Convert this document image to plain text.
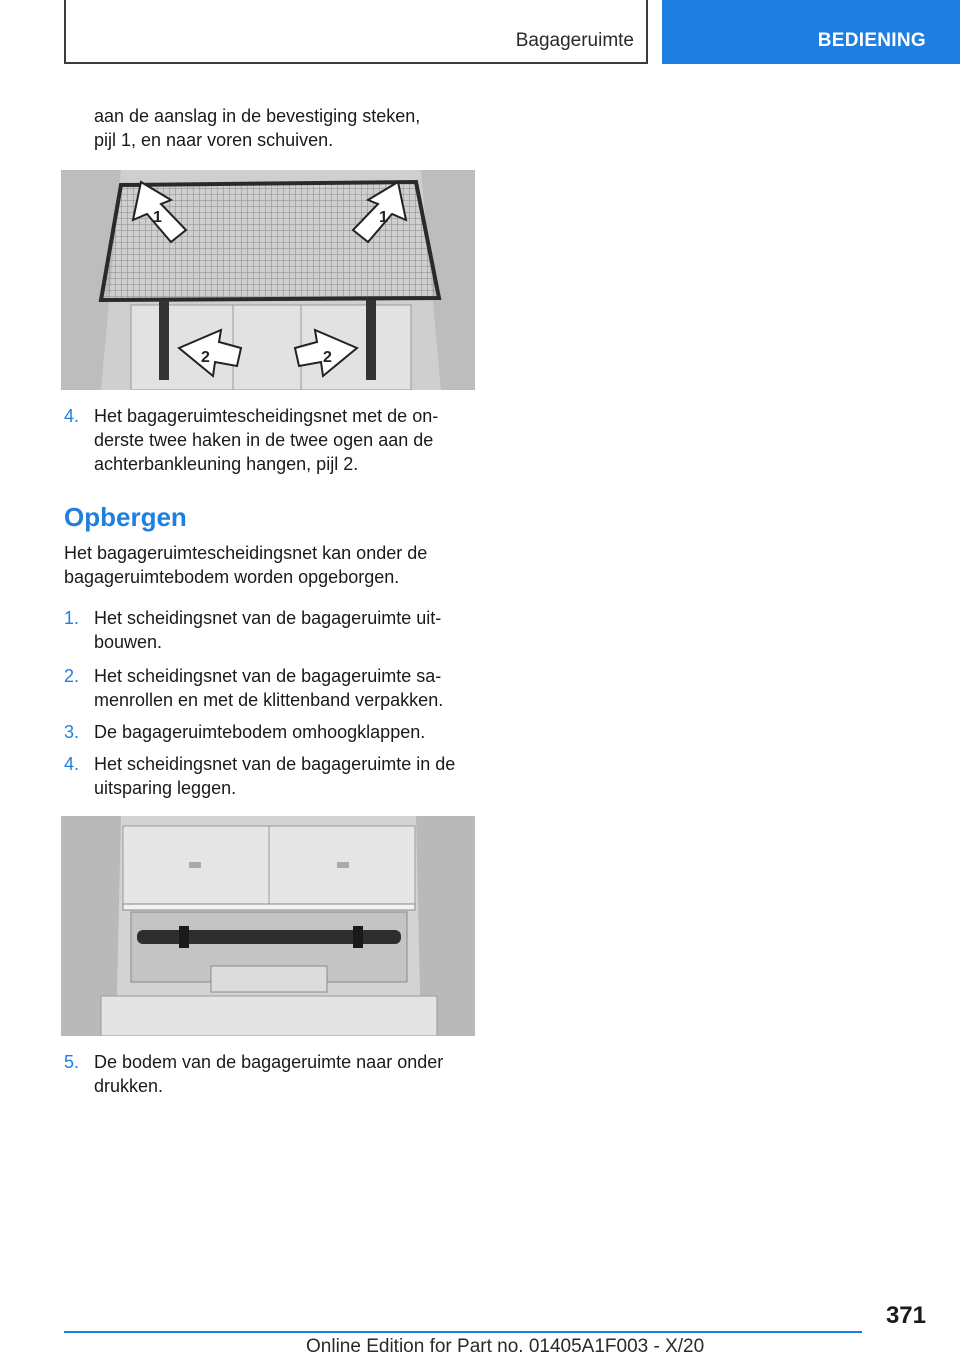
Bagageruimte	BEDIENING

aan de aanslag in de bevestiging steken,

pijl 1, en naar voren schuiven.

1	1
2	2
4. Het bagageruimtescheidingsnet met de on-
derste twee haken in de twee ogen aan de
achterbankleuning hangen, pijl 2.
Opbergen

Het bagageruimtescheidingsnet kan onder de

bagageruimtebodem worden opgeborgen.

1. Het scheidingsnet van de bagageruimte uit-
bouwen.
2. Het scheidingsnet van de bagageruimte sa-
menrollen en met de klittenband verpakken.
3. De bagageruimtebodem omhoogklappen.
4. Het scheidingsnet van de bagageruimte in de
uitsparing leggen.
5. De bodem van de bagageruimte naar onder
drukken.
371
Online Edition for Part no. 01405A1F003 - X/20
